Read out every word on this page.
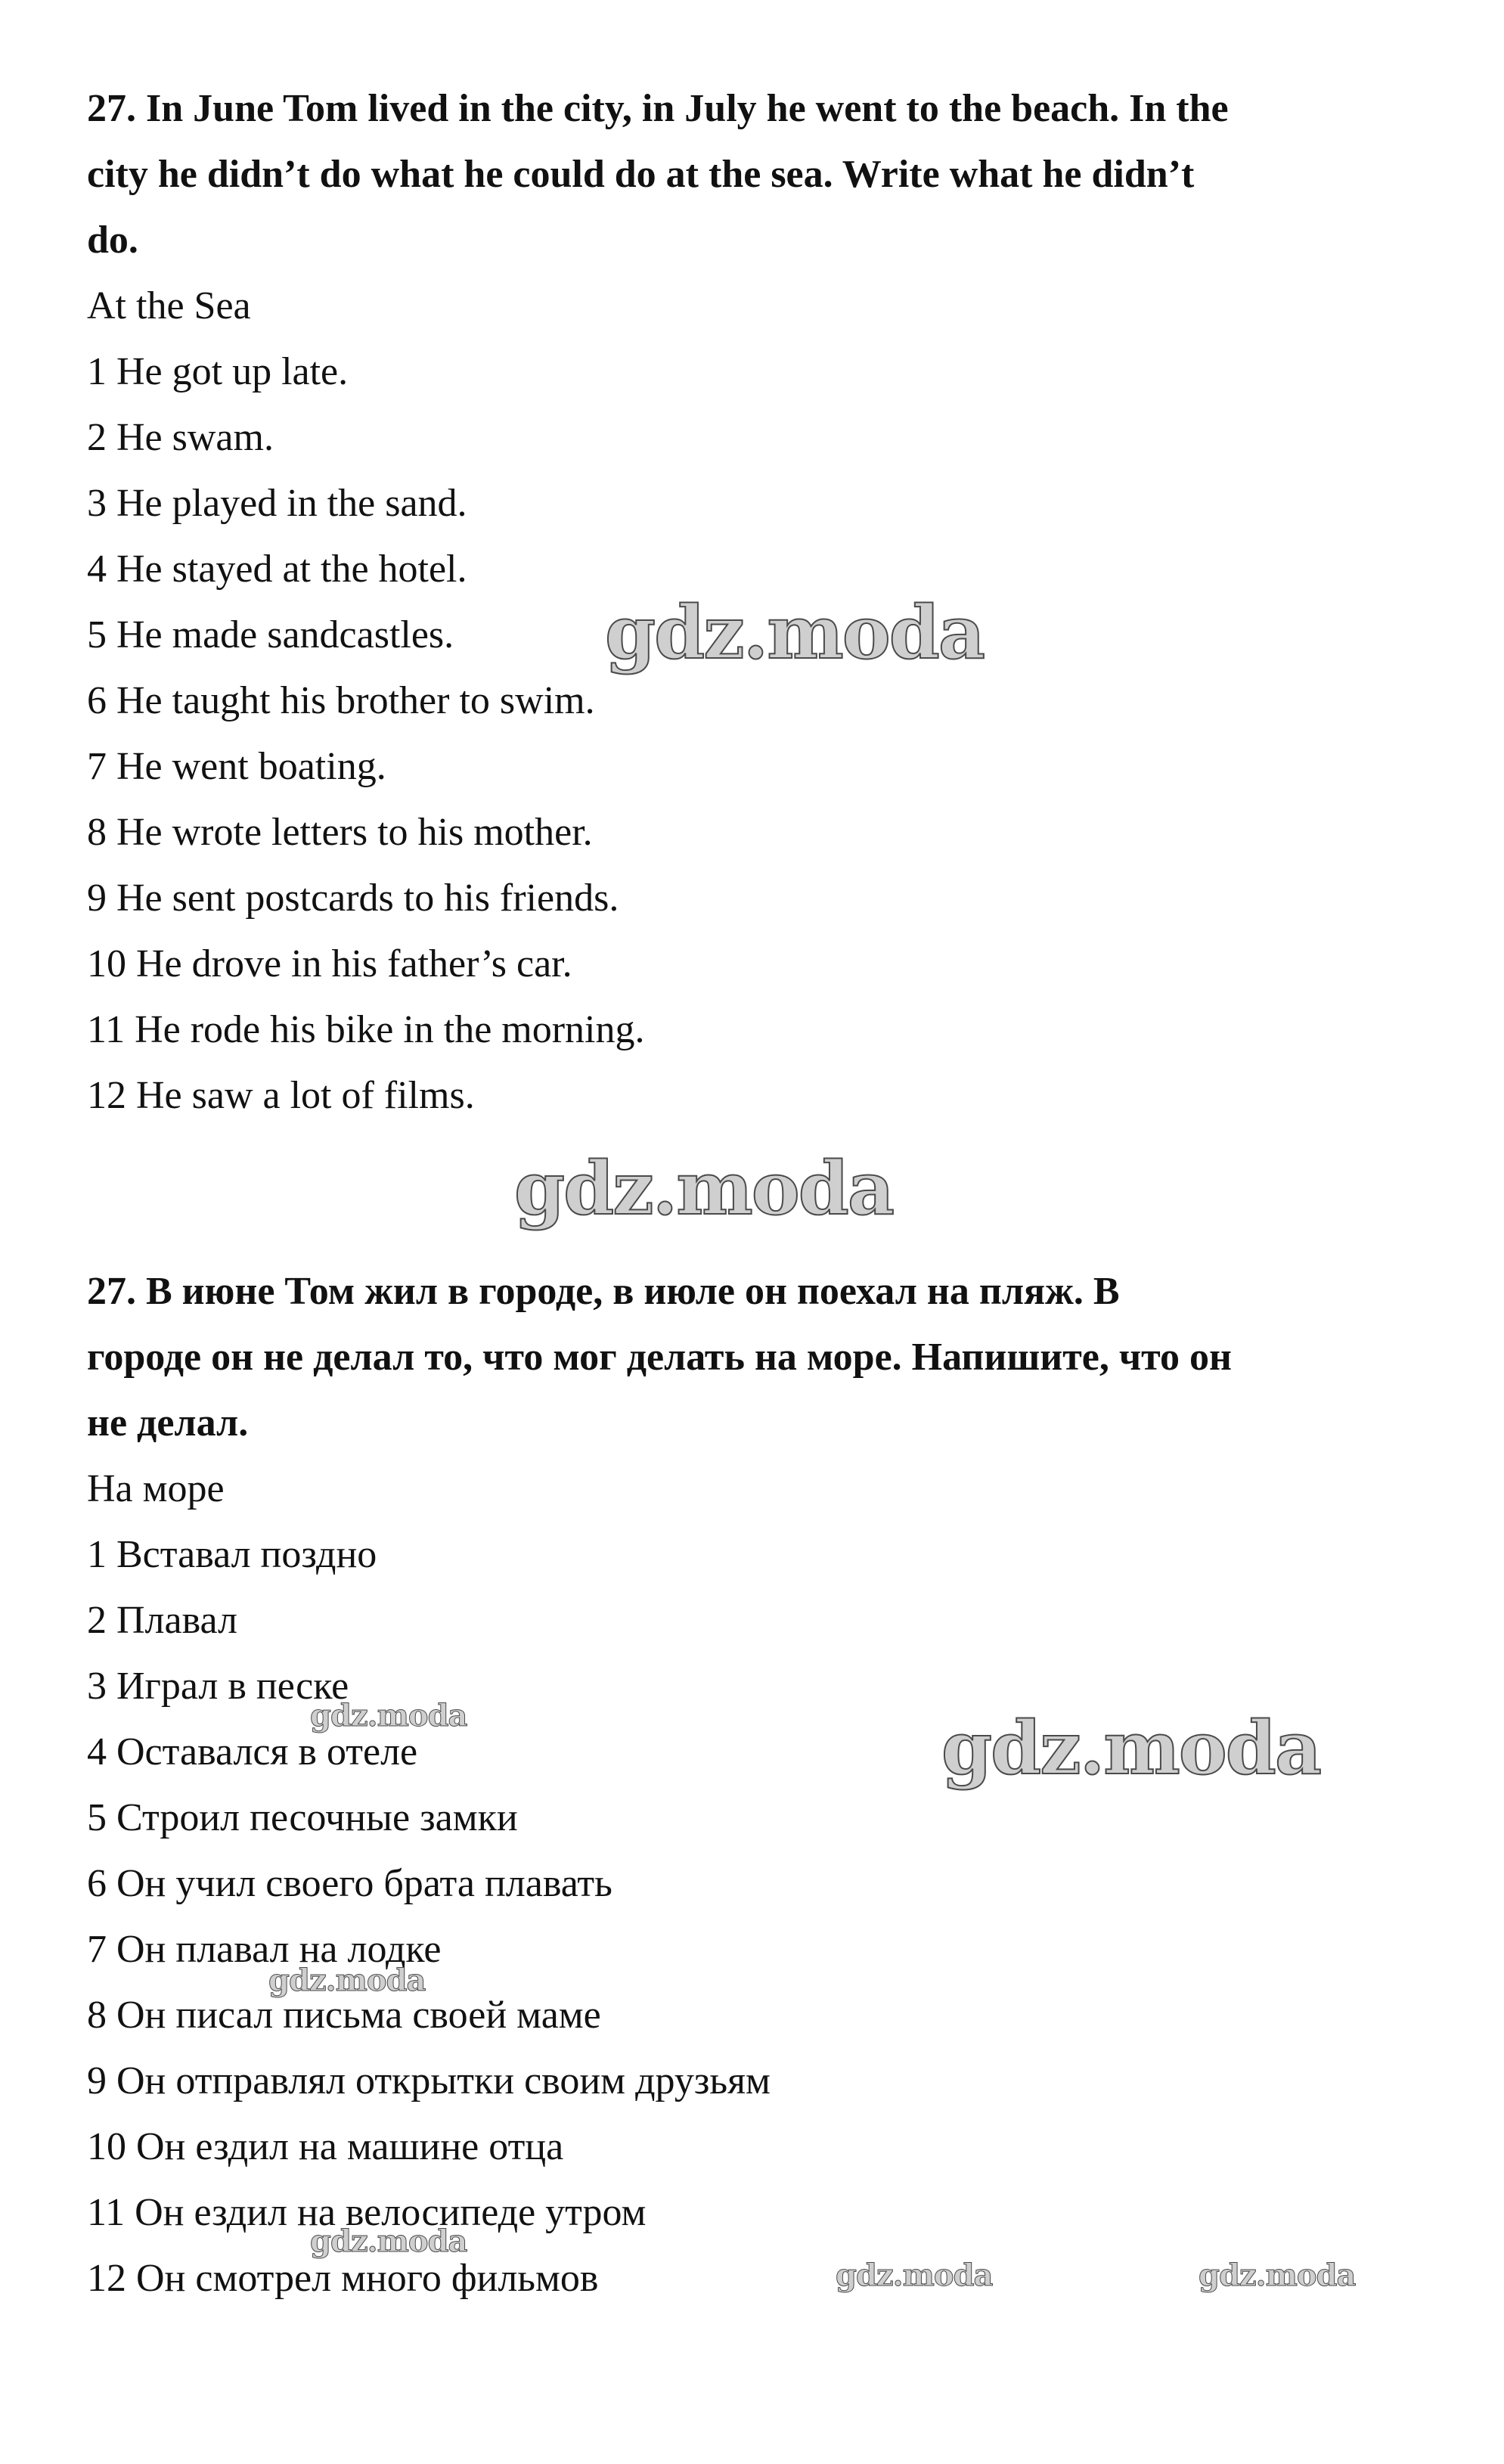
27. In June Tom lived in the city, in July he went to the beach. In the

city he didn’t do what he could do at the sea. Write what he didn’t

do.

At the Sea

1 He got up late.

2 He swam.

3 He played in the sand.

4 He stayed at the hotel.

5 He made sandcastles.

6 He taught his brother to swim.

7 He went boating.

8 He wrote letters to his mother.

9 He sent postcards to his friends.

10 He drove in his father’s car.

11 He rode his bike in the morning.

12 He saw a lot of films.

27. В июне Том жил в городе, в июле он поехал на пляж. В

городе он не делал то, что мог делать на море. Напишите, что он

не делал.

На море

1 Вставал поздно

2 Плавал

3 Играл в песке

4 Оставался в отеле

5 Строил песочные замки

6 Он учил своего брата плавать

7 Он плавал на лодке

8 Он писал письма своей маме

9 Он отправлял открытки своим друзьям

10 Он ездил на машине отца

11 Он ездил на велосипеде утром

12 Он смотрел много фильмов

gdz.moda
gdz.moda
gdz.moda
gdz.moda
gdz.moda
gdz.moda
gdz.moda	gdz.moda
